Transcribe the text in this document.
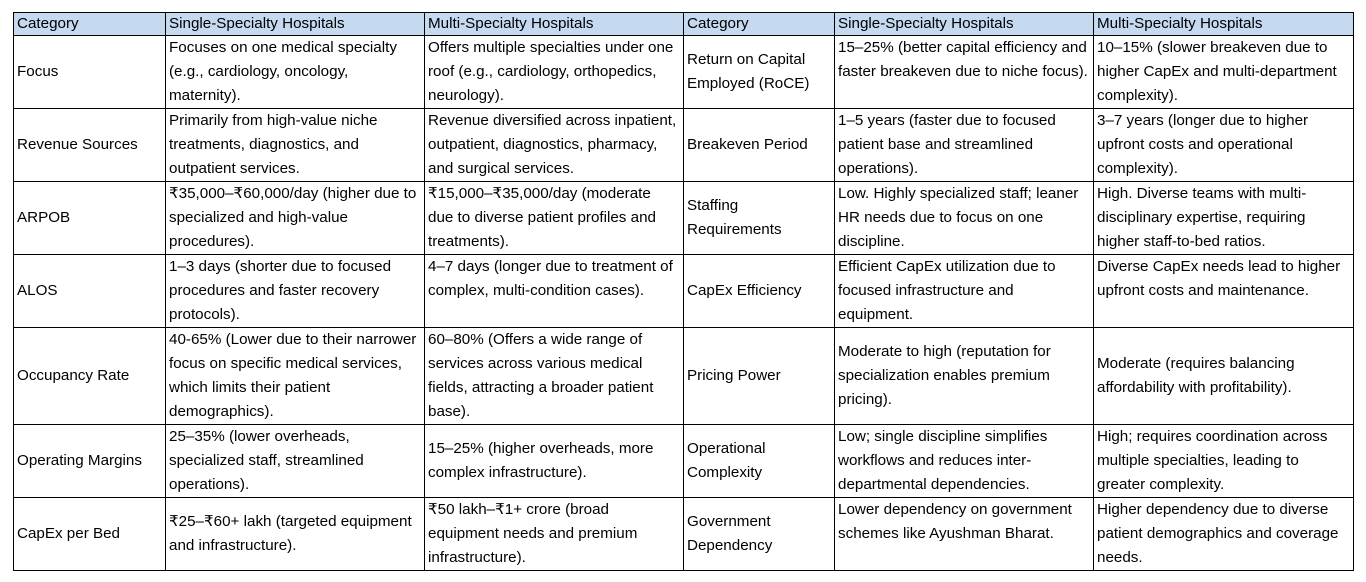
Category	Single-Specialty Hospitals	Multi-Specialty Hospitals	Category	Single-Specialty Hospitals	Multi-Specialty Hospitals
Focus	Focuses on one medical specialty (e.g., cardiology, oncology, maternity).	Offers multiple specialties under one roof (e.g., cardiology, orthopedics, neurology).	Return on Capital Employed (RoCE)	15–25% (better capital efficiency and faster breakeven due to niche focus).	10–15% (slower breakeven due to higher CapEx and multi-department complexity).
Revenue Sources	Primarily from high-value niche treatments, diagnostics, and outpatient services.	Revenue diversified across inpatient, outpatient, diagnostics, pharmacy, and surgical services.	Breakeven Period	1–5 years (faster due to focused patient base and streamlined operations).	3–7 years (longer due to higher upfront costs and operational complexity).
ARPOB	₹35,000–₹60,000/day (higher due to specialized and high-value procedures).	₹15,000–₹35,000/day (moderate due to diverse patient profiles and treatments).	Staffing Requirements	Low. Highly specialized staff; leaner HR needs due to focus on one discipline.	High. Diverse teams with multi-disciplinary expertise, requiring higher staff-to-bed ratios.
ALOS	1–3 days (shorter due to focused procedures and faster recovery protocols).	4–7 days (longer due to treatment of complex, multi-condition cases).	CapEx Efficiency	Efficient CapEx utilization due to focused infrastructure and equipment.	Diverse CapEx needs lead to higher upfront costs and maintenance.
Occupancy Rate	40-65% (Lower due to their narrower focus on specific medical services, which limits their patient demographics).	60–80% (Offers a wide range of services across various medical fields, attracting a broader patient base).	Pricing Power	Moderate to high (reputation for specialization enables premium pricing).	Moderate (requires balancing affordability with profitability).
Operating Margins	25–35% (lower overheads, specialized staff, streamlined operations).	15–25% (higher overheads, more complex infrastructure).	Operational Complexity	Low; single discipline simplifies workflows and reduces inter-departmental dependencies.	High; requires coordination across multiple specialties, leading to greater complexity.
CapEx per Bed	₹25–₹60+ lakh (targeted equipment and infrastructure).	₹50 lakh–₹1+ crore (broad equipment needs and premium infrastructure).	Government Dependency	Lower dependency on government schemes like Ayushman Bharat.	Higher dependency due to diverse patient demographics and coverage needs.
